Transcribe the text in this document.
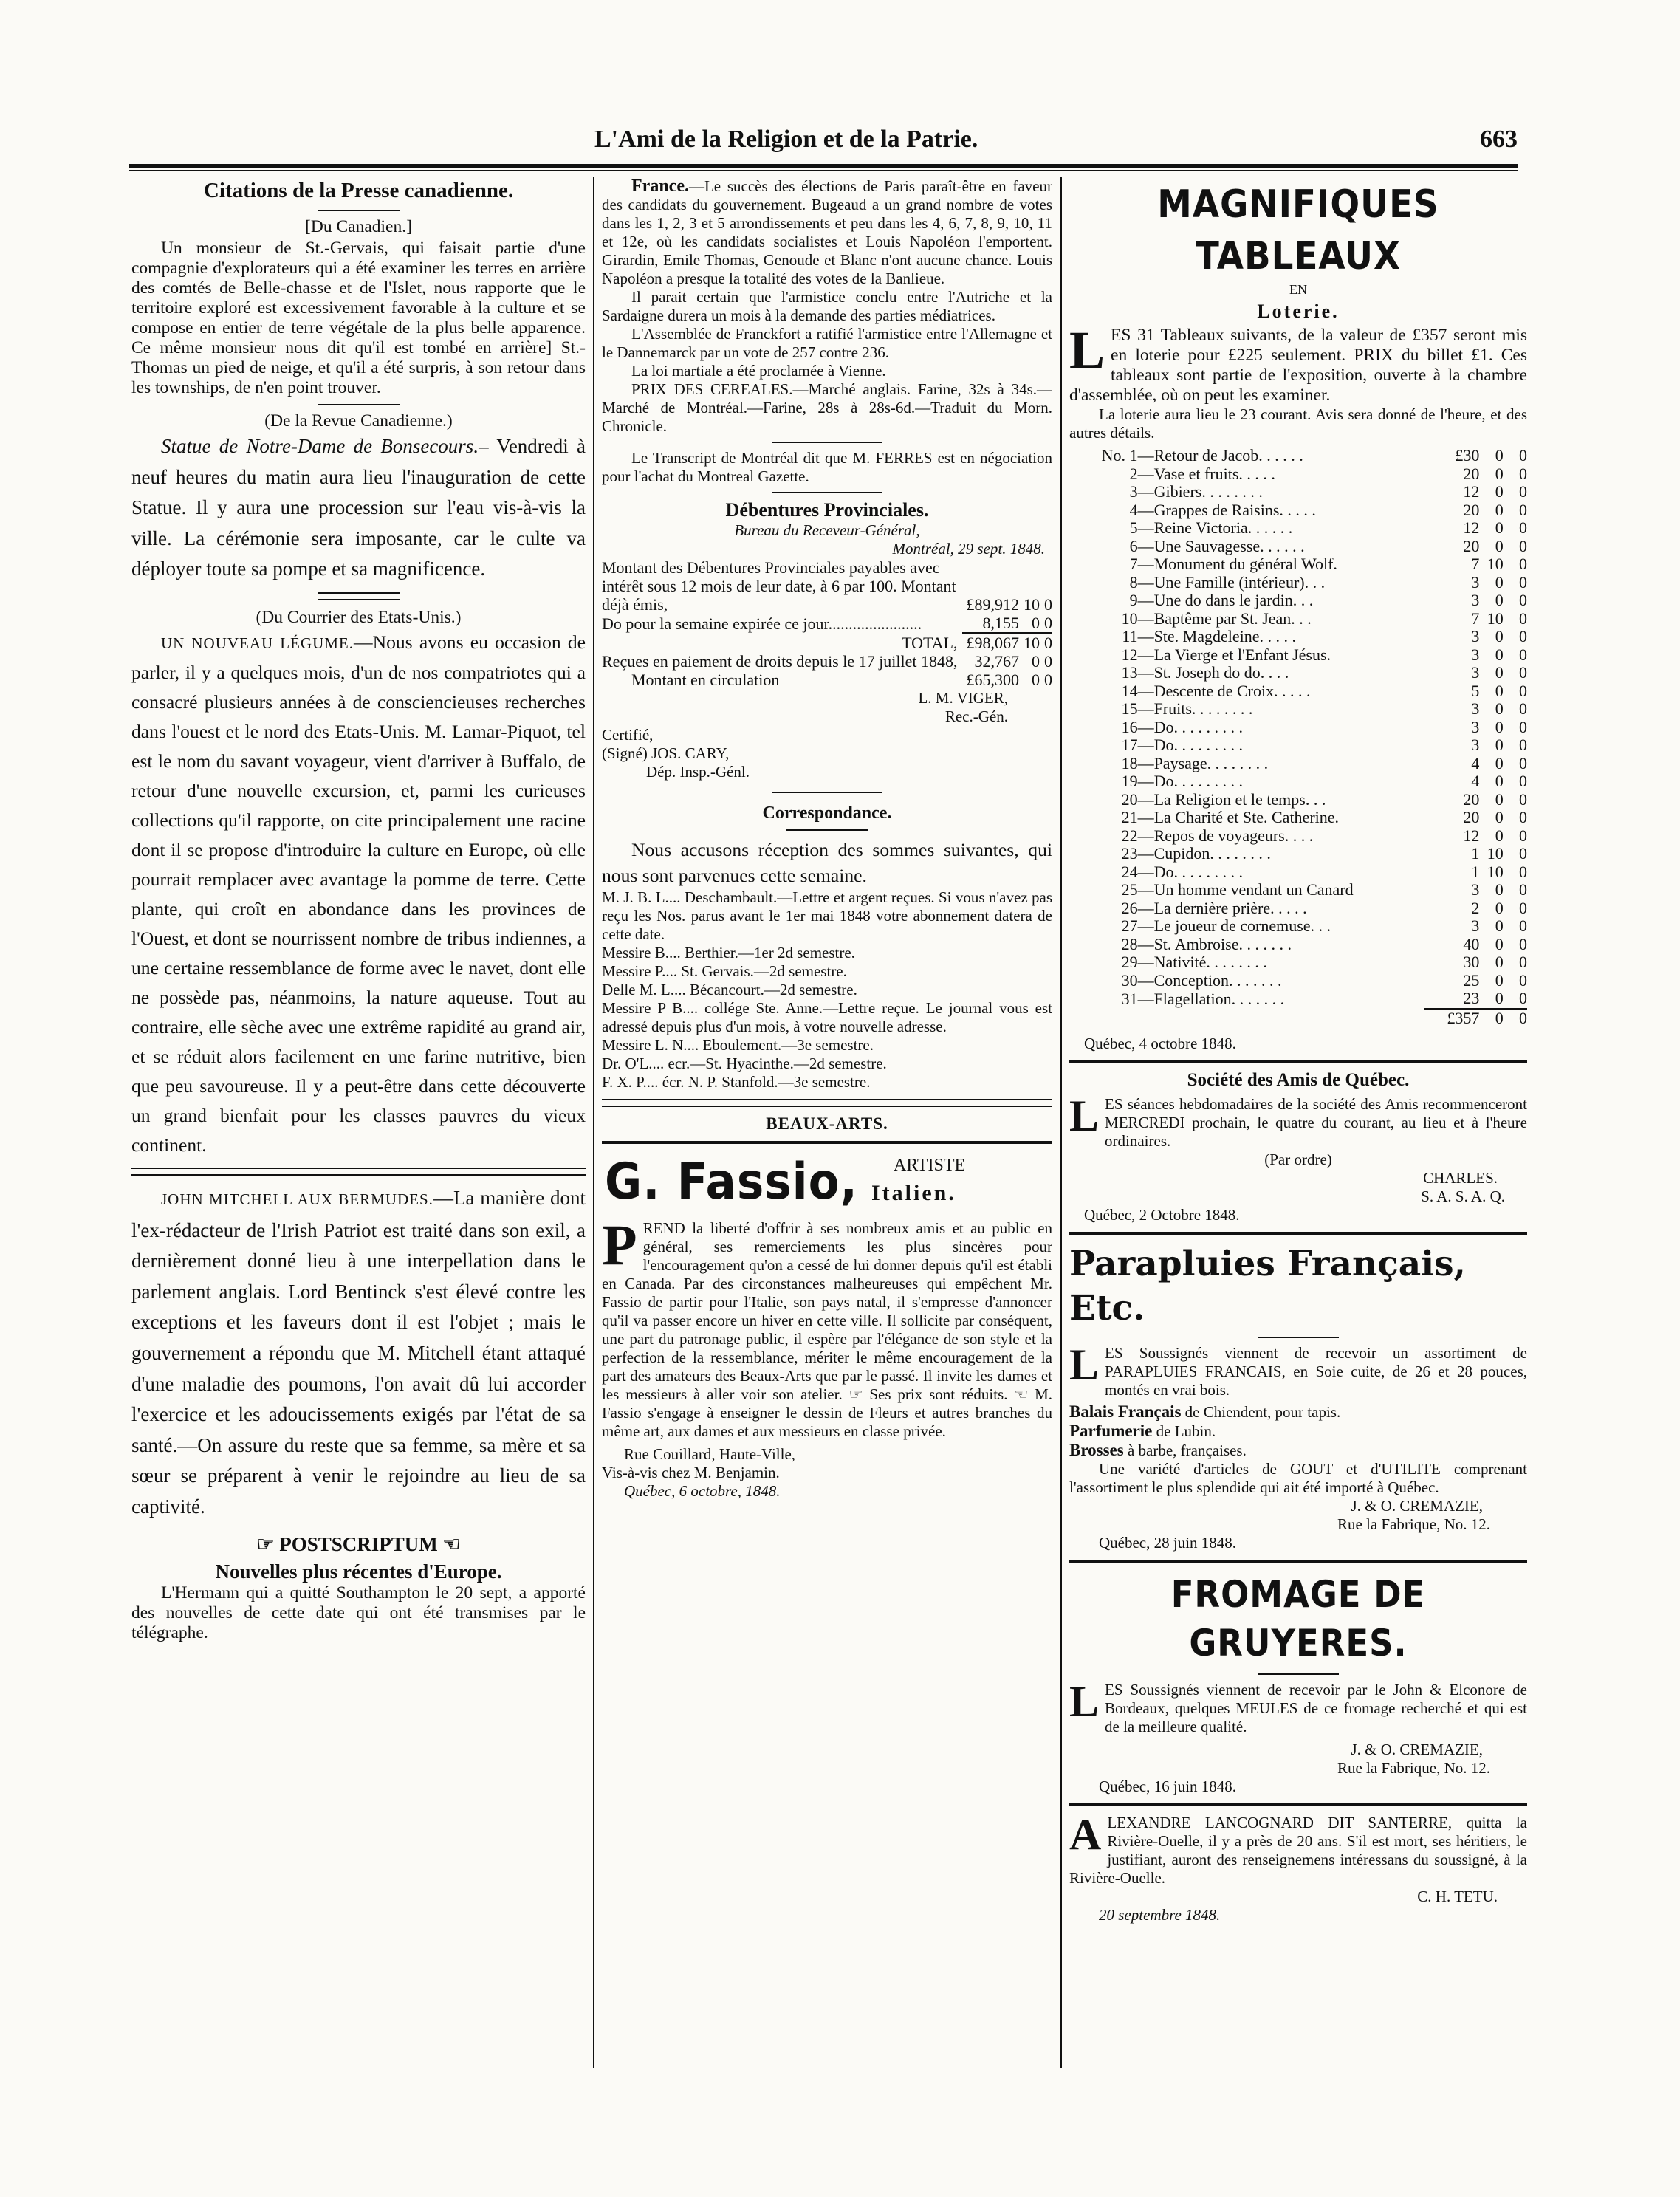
L'Ami de la Religion et de la Patrie.	663
Citations de la Presse canadienne.

[Du Canadien.]

Un monsieur de St.-Gervais, qui faisait partie d'une compagnie d'explorateurs qui a été examiner les terres en arrière des comtés de Belle-chasse et de l'Islet, nous rapporte que le territoire exploré est excessivement favorable à la culture et se compose en entier de terre végétale de la plus belle apparence. Ce même monsieur nous dit qu'il est tombé en arrière] St.-Thomas un pied de neige, et qu'il a été surpris, à son retour dans les townships, de n'en point trouver.

(De la Revue Canadienne.)

Statue de Notre-Dame de Bonsecours.– Vendredi à neuf heures du matin aura lieu l'inauguration de cette Statue. Il y aura une procession sur l'eau vis-à-vis la ville. La cérémonie sera imposante, car le culte va déployer toute sa pompe et sa magnificence.

(Du Courrier des Etats-Unis.)

UN NOUVEAU LÉGUME.—Nous avons eu occasion de parler, il y a quelques mois, d'un de nos compatriotes qui a consacré plusieurs années à de consciencieuses recherches dans l'ouest et le nord des Etats-Unis. M. Lamar-Piquot, tel est le nom du savant voyageur, vient d'arriver à Buffalo, de retour d'une nouvelle excursion, et, parmi les curieuses collections qu'il rapporte, on cite principalement une racine dont il se propose d'introduire la culture en Europe, où elle pourrait remplacer avec avantage la pomme de terre. Cette plante, qui croît en abondance dans les provinces de l'Ouest, et dont se nourrissent nombre de tribus indiennes, a une certaine ressemblance de forme avec le navet, dont elle ne possède pas, néanmoins, la nature aqueuse. Tout au contraire, elle sèche avec une extrême rapidité au grand air, et se réduit alors facilement en une farine nutritive, bien que peu savoureuse. Il y a peut-être dans cette découverte un grand bienfait pour les classes pauvres du vieux continent.

JOHN MITCHELL AUX BERMUDES.—La manière dont l'ex-rédacteur de l'Irish Patriot est traité dans son exil, a dernièrement donné lieu à une interpellation dans le parlement anglais. Lord Bentinck s'est élevé contre les exceptions et les faveurs dont il est l'objet ; mais le gouvernement a répondu que M. Mitchell étant attaqué d'une maladie des poumons, l'on avait dû lui accorder l'exercice et les adoucissements exigés par l'état de sa santé.—On assure du reste que sa femme, sa mère et sa sœur se préparent à venir le rejoindre au lieu de sa captivité.

☞ POSTSCRIPTUM ☜
Nouvelles plus récentes d'Europe.

L'Hermann qui a quitté Southampton le 20 sept, a apporté des nouvelles de cette date qui ont été transmises par le télégraphe.

France.—Le succès des élections de Paris paraît-être en faveur des candidats du gouvernement. Bugeaud a un grand nombre de votes dans les 1, 2, 3 et 5 arrondissements et peu dans les 4, 6, 7, 8, 9, 10, 11 et 12e, où les candidats socialistes et Louis Napoléon l'emportent. Girardin, Emile Thomas, Genoude et Blanc n'ont aucune chance. Louis Napoléon a presque la totalité des votes de la Banlieue.

Il parait certain que l'armistice conclu entre l'Autriche et la Sardaigne durera un mois à la demande des parties médiatrices.

L'Assemblée de Franckfort a ratifié l'armistice entre l'Allemagne et le Dannemarck par un vote de 257 contre 236.

La loi martiale a été proclamée à Vienne.

PRIX DES CEREALES.—Marché anglais. Farine, 32s à 34s.—Marché de Montréal.—Farine, 28s à 28s-6d.—Traduit du Morn. Chronicle.

Le Transcript de Montréal dit que M. FERRES est en négociation pour l'achat du Montreal Gazette.

Débentures Provinciales.

Bureau du Receveur-Général,

Montréal, 29 sept. 1848.

Montant des Débentures Provinciales payables avec intérêt sous 12 mois de leur date, à 6 par 100. Montant déjà émis,	£89,912	10	0
Do pour la semaine expirée ce jour.......................	8,155	0	0
TOTAL,	£98,067	10	0
Reçues en paiement de droits depuis le 17 juillet 1848,	32,767	0	0
Montant en circulation	£65,300	0	0

L. M. VIGER,

Rec.-Gén.

Certifié,

(Signé) JOS. CARY,

Dép. Insp.-Génl.

Correspondance.

Nous accusons réception des sommes suivantes, qui nous sont parvenues cette semaine.

M. J. B. L.... Deschambault.—Lettre et argent reçues. Si vous n'avez pas reçu les Nos. parus avant le 1er mai 1848 votre abonnement datera de cette date.

Messire B.... Berthier.—1er 2d semestre.

Messire P.... St. Gervais.—2d semestre.

Delle M. L.... Bécancourt.—2d semestre.

Messire P B.... collége Ste. Anne.—Lettre reçue. Le journal vous est adressé depuis plus d'un mois, à votre nouvelle adresse.

Messire L. N.... Eboulement.—3e semestre.

Dr. O'L.... ecr.—St. Hyacinthe.—2d semestre.

F. X. P.... écr. N. P. Stanfold.—3e semestre.

BEAUX-ARTS.
G. Fassio, ARTISTE
Italien.

PREND la liberté d'offrir à ses nombreux amis et au public en général, ses remerciements les plus sincères pour l'encouragement qu'on a cessé de lui donner depuis qu'il est établi en Canada. Par des circonstances malheureuses qui empêchent Mr. Fassio de partir pour l'Italie, son pays natal, il s'empresse d'annoncer qu'il va passer encore un hiver en cette ville. Il sollicite par conséquent, une part du patronage public, il espère par l'élégance de son style et la perfection de la ressemblance, mériter le même encouragement de la part des amateurs des Beaux-Arts que par le passé. Il invite les dames et les messieurs à aller voir son atelier. ☞ Ses prix sont réduits. ☜ M. Fassio s'engage à enseigner le dessin de Fleurs et autres branches du même art, aux dames et aux messieurs en classe privée.

Rue Couillard, Haute-Ville,

Vis-à-vis chez M. Benjamin.

Québec, 6 octobre, 1848.

MAGNIFIQUES TABLEAUX

EN

Loterie.

LES 31 Tableaux suivants, de la valeur de £357 seront mis en loterie pour £225 seulement. PRIX du billet £1. Ces tableaux sont partie de l'exposition, ouverte à la chambre d'assemblée, où on peut les examiner.

La loterie aura lieu le 23 courant. Avis sera donné de l'heure, et des autres détails.

No. 1	—Retour de Jacob. . . . . .	£30	0	0
2	—Vase et fruits. . . . .	20	0	0
3	—Gibiers. . . . . . . .	12	0	0
4	—Grappes de Raisins. . . . .	20	0	0
5	—Reine Victoria. . . . . .	12	0	0
6	—Une Sauvagesse. . . . . .	20	0	0
7	—Monument du général Wolf.	7	10	0
8	—Une Famille (intérieur). . .	3	0	0
9	—Une do dans le jardin. . .	3	0	0
10	—Baptême par St. Jean. . .	7	10	0
11	—Ste. Magdeleine. . . . .	3	0	0
12	—La Vierge et l'Enfant Jésus.	3	0	0
13	—St. Joseph do do. . . .	3	0	0
14	—Descente de Croix. . . . .	5	0	0
15	—Fruits. . . . . . . .	3	0	0
16	—Do. . . . . . . . .	3	0	0
17	—Do. . . . . . . . .	3	0	0
18	—Paysage. . . . . . . .	4	0	0
19	—Do. . . . . . . . .	4	0	0
20	—La Religion et le temps. . .	20	0	0
21	—La Charité et Ste. Catherine.	20	0	0
22	—Repos de voyageurs. . . .	12	0	0
23	—Cupidon. . . . . . . .	1	10	0
24	—Do. . . . . . . . .	1	10	0
25	—Un homme vendant un Canard	3	0	0
26	—La dernière prière. . . . .	2	0	0
27	—Le joueur de cornemuse. . .	3	0	0
28	—St. Ambroise. . . . . . .	40	0	0
29	—Nativité. . . . . . . .	30	0	0
30	—Conception. . . . . . .	25	0	0
31	—Flagellation. . . . . . .	23	0	0
		£357	0	0

Québec, 4 octobre 1848.

Société des Amis de Québec.

LES séances hebdomadaires de la société des Amis recommenceront MERCREDI prochain, le quatre du courant, au lieu et à l'heure ordinaires.

(Par ordre)

CHARLES.

S. A. S. A. Q.

Québec, 2 Octobre 1848.

Parapluies Français, Etc.

LES Soussignés viennent de recevoir un assortiment de PARAPLUIES FRANCAIS, en Soie cuite, de 26 et 28 pouces, montés en vrai bois.

Balais Français de Chiendent, pour tapis.

Parfumerie de Lubin.

Brosses à barbe, françaises.

Une variété d'articles de GOUT et d'UTILITE comprenant l'assortiment le plus splendide qui ait été importé à Québec.

J. & O. CREMAZIE,

Rue la Fabrique, No. 12.

Québec, 28 juin 1848.

FROMAGE DE GRUYERES.

LES Soussignés viennent de recevoir par le John & Elconore de Bordeaux, quelques MEULES de ce fromage recherché et qui est de la meilleure qualité.

J. & O. CREMAZIE,

Rue la Fabrique, No. 12.

Québec, 16 juin 1848.

ALEXANDRE LANCOGNARD DIT SANTERRE, quitta la Rivière-Ouelle, il y a près de 20 ans. S'il est mort, ses héritiers, le justifiant, auront des renseignemens intéressans du soussigné, à la Rivière-Ouelle.

C. H. TETU.

20 septembre 1848.
